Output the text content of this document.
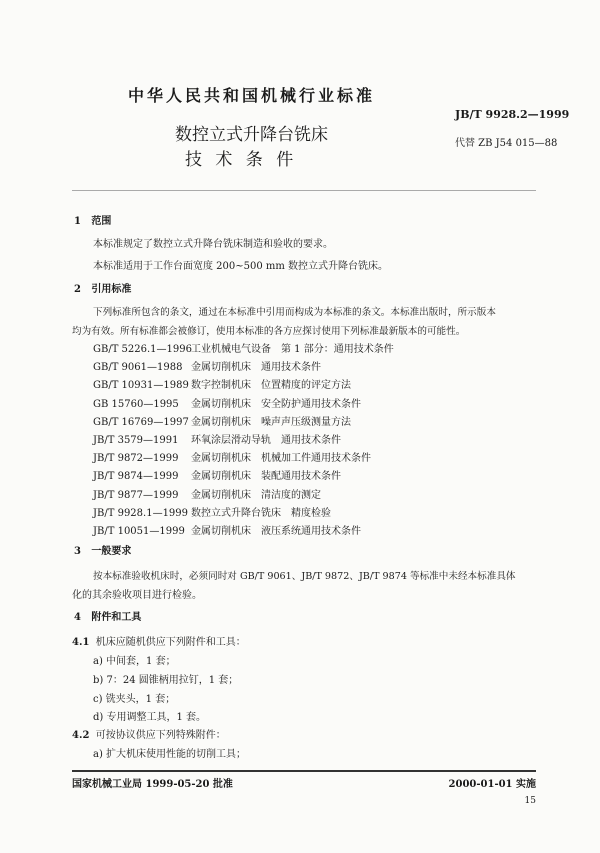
中华人民共和国机械行业标准
JB/T 9928.2—1999
数控立式升降台铣床
技 术 条 件
代替 ZB J54 015—88
1 范围
本标准规定了数控立式升降台铣床制造和验收的要求。
本标准适用于工作台面宽度 200~500 mm 数控立式升降台铣床。
2 引用标准
下列标准所包含的条文，通过在本标准中引用而构成为本标准的条文。本标准出版时，所示版本
均为有效。所有标准都会被修订，使用本标准的各方应探讨使用下列标准最新版本的可能性。
GB/T 5226.1—1996 工业机械电气设备　第 1 部分：通用技术条件
GB/T 9061—1988 金属切削机床　通用技术条件
GB/T 10931—1989 数字控制机床　位置精度的评定方法
GB 15760—1995 金属切削机床　安全防护通用技术条件
GB/T 16769—1997 金属切削机床　噪声声压级测量方法
JB/T 3579—1991 环氧涂层滑动导轨　通用技术条件
JB/T 9872—1999 金属切削机床　机械加工件通用技术条件
JB/T 9874—1999 金属切削机床　装配通用技术条件
JB/T 9877—1999 金属切削机床　清洁度的测定
JB/T 9928.1—1999 数控立式升降台铣床　精度检验
JB/T 10051—1999 金属切削机床　液压系统通用技术条件
3 一般要求
按本标准验收机床时，必须同时对 GB/T 9061、JB/T 9872、JB/T 9874 等标准中未经本标准具体
化的其余验收项目进行检验。
4 附件和工具
4.1 机床应随机供应下列附件和工具：
a) 中间套，1 套；
b) 7：24 圆锥柄用拉钉，1 套；
c) 铣夹头，1 套；
d) 专用调整工具，1 套。
4.2 可按协议供应下列特殊附件：
a) 扩大机床使用性能的切削工具；
国家机械工业局 1999-05-20 批准	2000-01-01 实施
15
